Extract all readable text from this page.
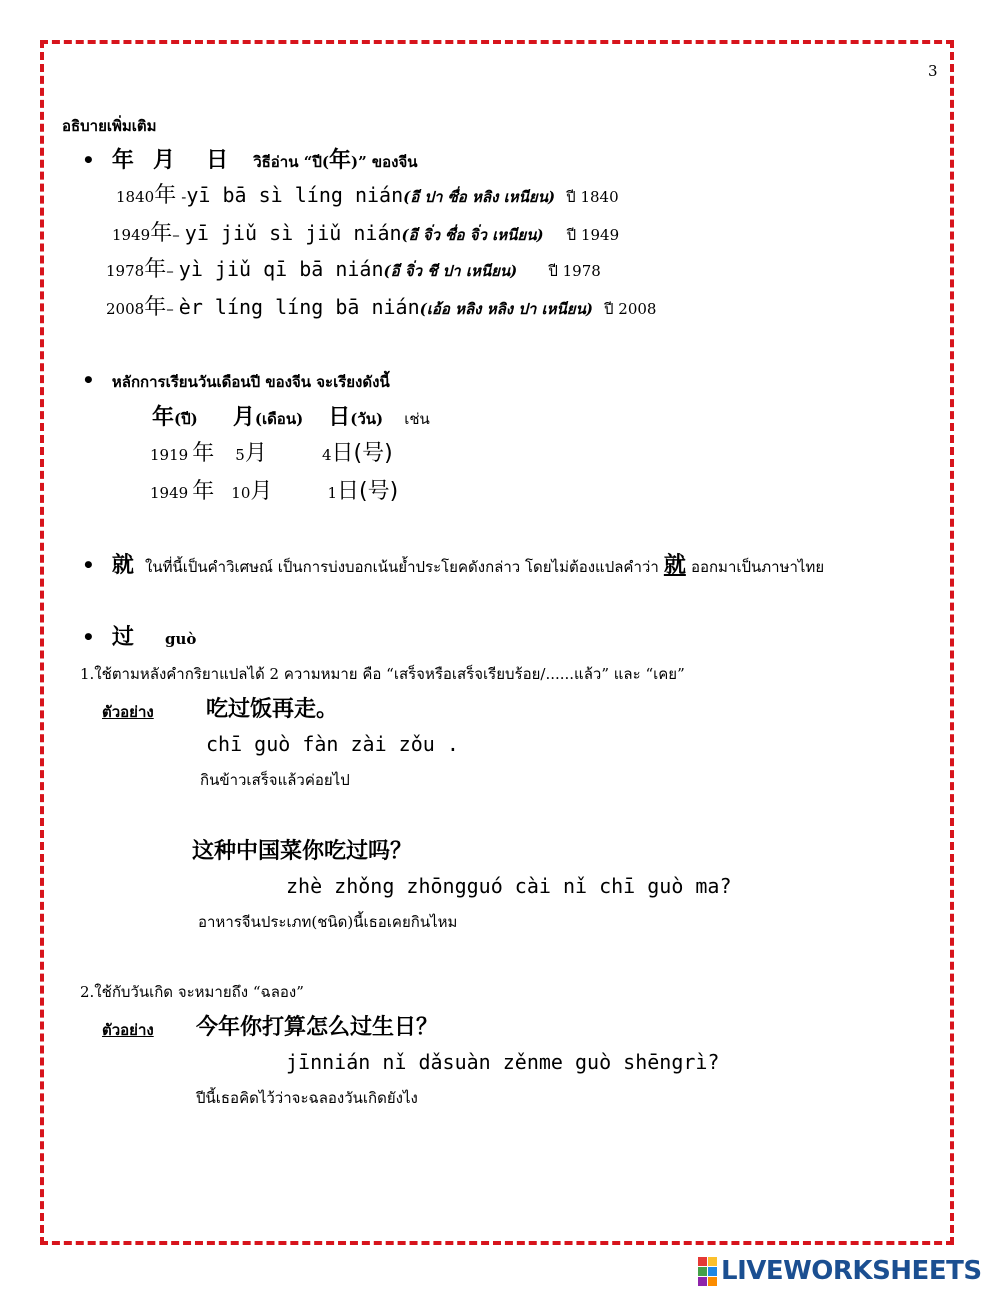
3
อธิบายเพิ่มเติม
• 年 月 日 วิธีอ่าน “ปี(年)” ของจีน
1840年 -yī bā sì líng nián(อี ปา ซื่อ หลิง เหนียน) ปี 1840
1949年– yī jiǔ sì jiǔ nián(อี จิ่ว ซื่อ จิ่ว เหนียน) ปี 1949
1978年– yì jiǔ qī bā nián(อี จิ่ว ชี ปา เหนียน) ปี 1978
2008年– èr líng líng bā nián(เอ้อ หลิง หลิง ปา เหนียน) ปี 2008
• หลักการเรียนวันเดือนปี ของจีน จะเรียงดังนี้
年(ปี) 月(เดือน) 日(วัน) เช่น
1919 年 5月	4日(号)
1949 年 10月	1日(号)
• 就 ในที่นี้เป็นคำวิเศษณ์ เป็นการบ่งบอกเน้นย้ำประโยคดังกล่าว โดยไม่ต้องแปลคำว่า 就 ออกมาเป็นภาษาไทย
• 过 guò
1.ใช้ตามหลังคำกริยาแปลได้ 2 ความหมาย คือ “เสร็จหรือเสร็จเรียบร้อย/......แล้ว” และ “เคย”
ตัวอย่าง 吃过饭再走。
chī guò fàn zài zǒu .
กินข้าวเสร็จแล้วค่อยไป
这种中国菜你吃过吗？
zhè zhǒng zhōngguó cài nǐ chī guò ma?
อาหารจีนประเภท(ชนิด)นี้เธอเคยกินไหม
2.ใช้กับวันเกิด จะหมายถึง “ฉลอง”
ตัวอย่าง 今年你打算怎么过生日？
jīnnián nǐ dǎsuàn zěnme guò shēngrì?
ปีนี้เธอคิดไว้ว่าจะฉลองวันเกิดยังไง
LIVEWORKSHEETS
